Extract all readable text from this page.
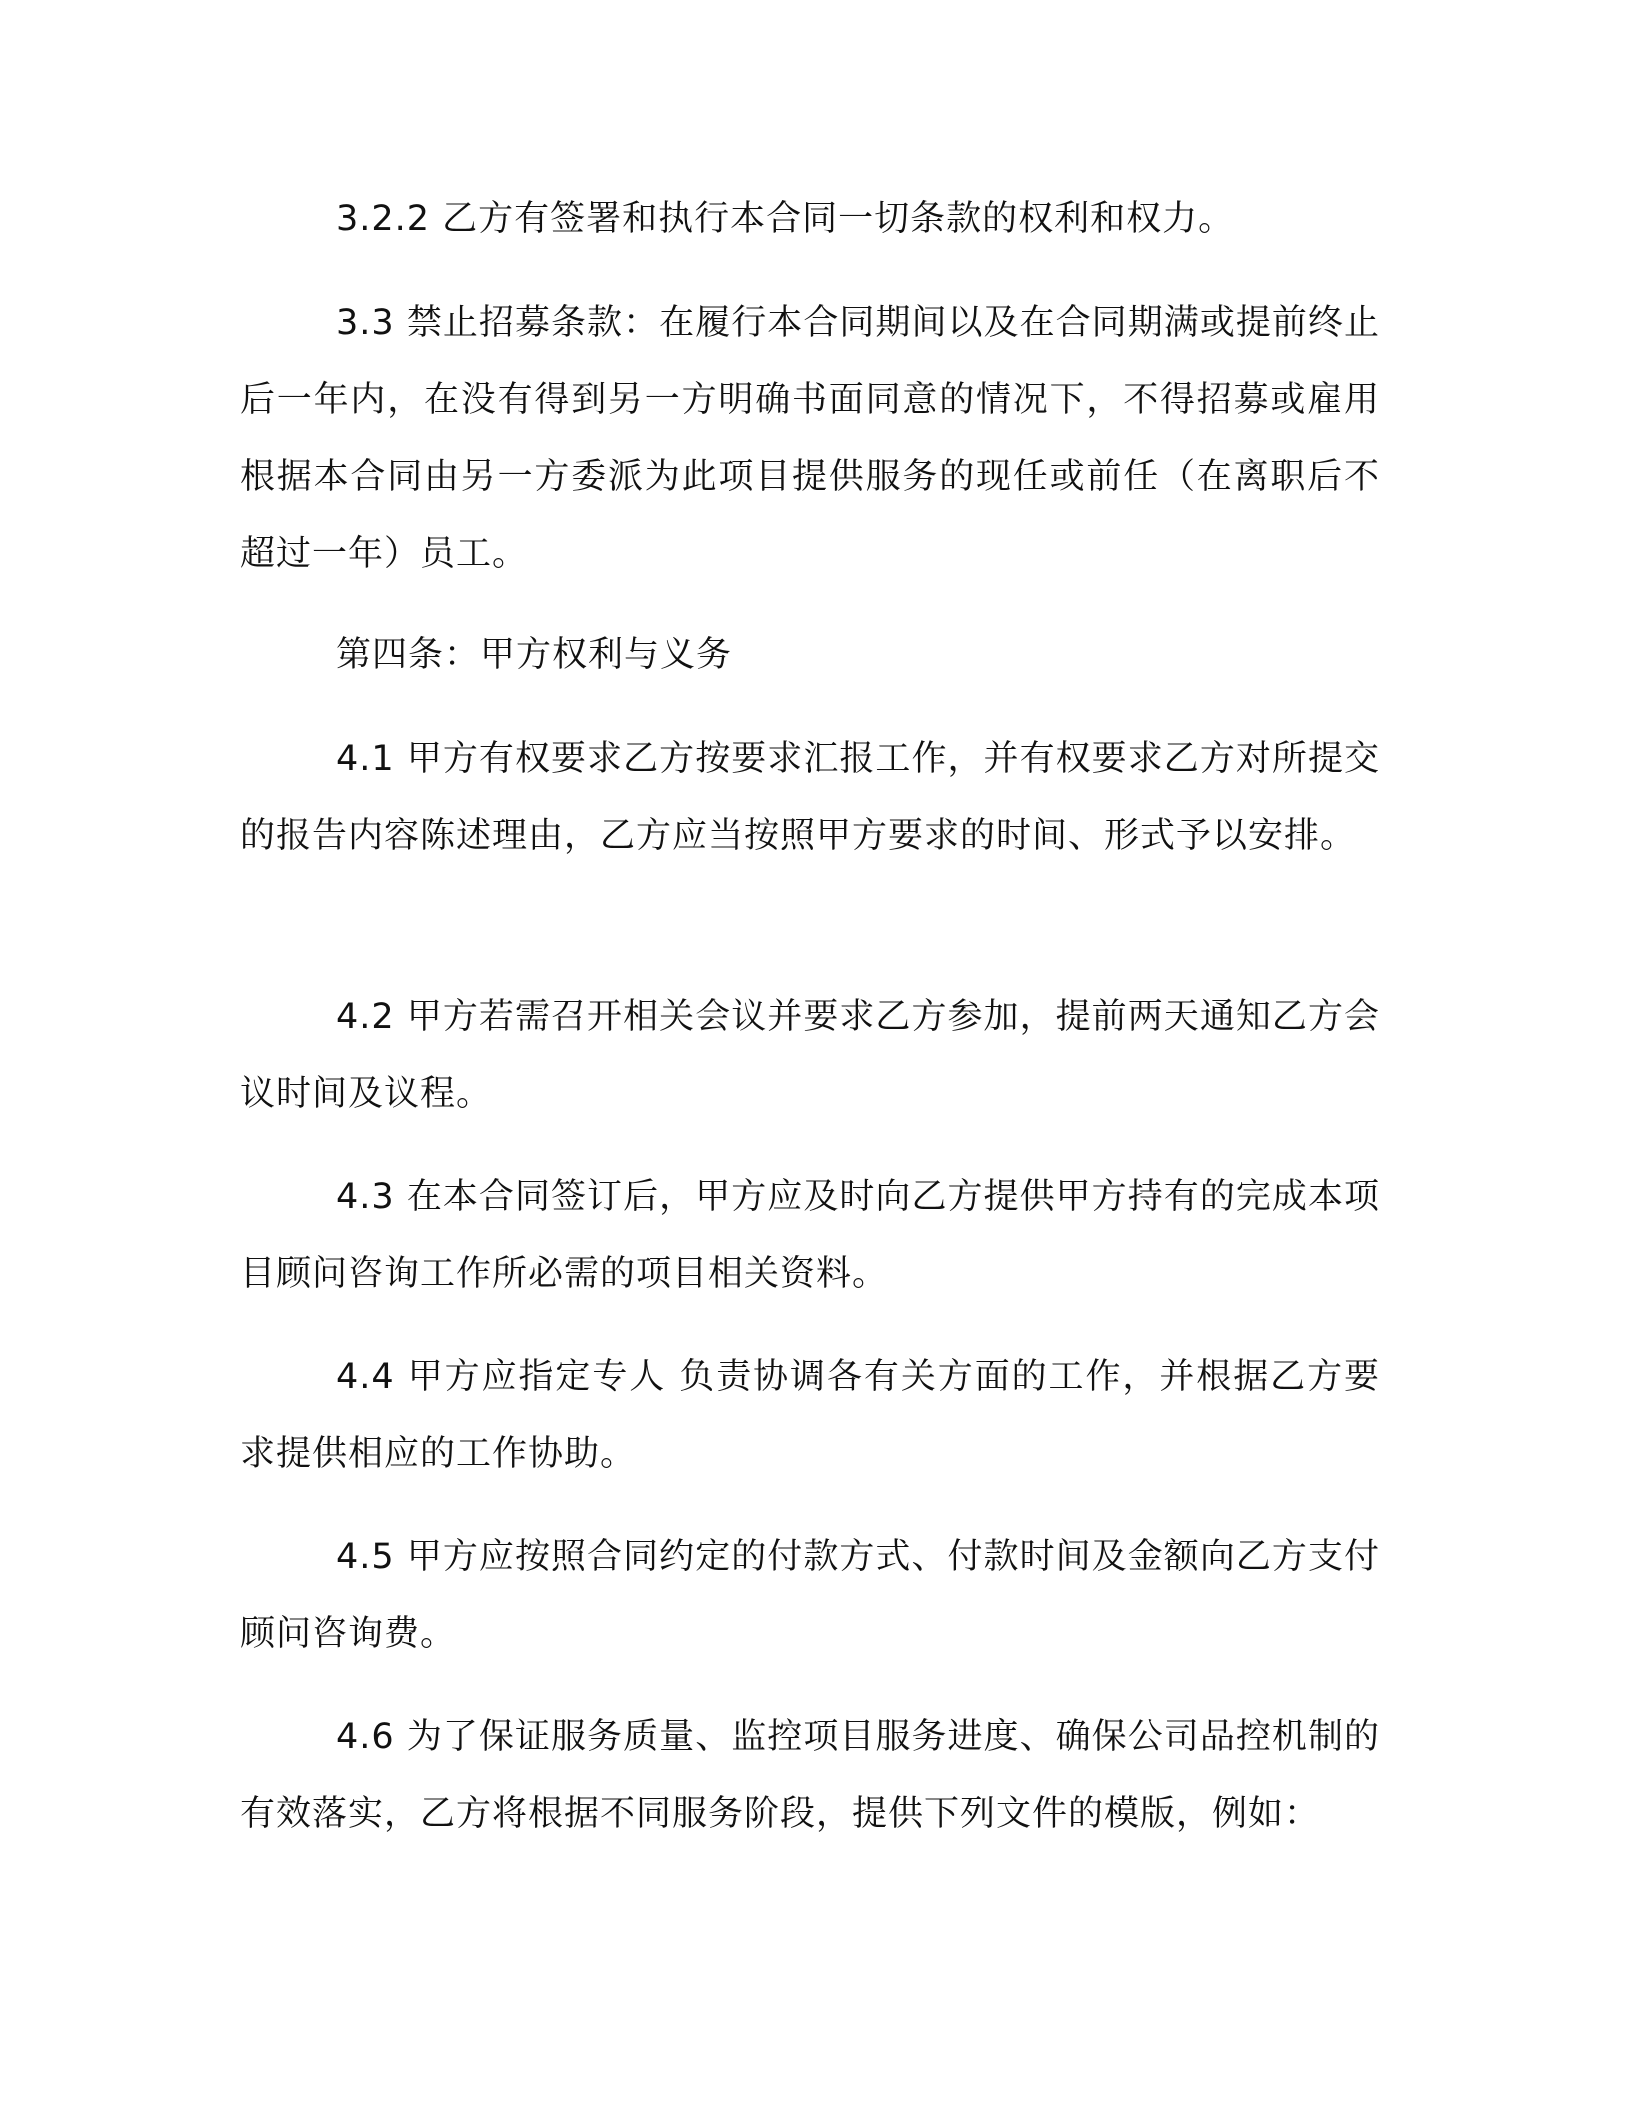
3.2.2 乙方有签署和执行本合同一切条款的权利和权力。

3.3 禁止招募条款：在履行本合同期间以及在合同期满或提前终止后一年内，在没有得到另一方明确书面同意的情况下，不得招募或雇用根据本合同由另一方委派为此项目提供服务的现任或前任（在离职后不超过一年）员工。

第四条：甲方权利与义务

4.1 甲方有权要求乙方按要求汇报工作，并有权要求乙方对所提交的报告内容陈述理由，乙方应当按照甲方要求的时间、形式予以安排。

4.2 甲方若需召开相关会议并要求乙方参加，提前两天通知乙方会议时间及议程。

4.3 在本合同签订后，甲方应及时向乙方提供甲方持有的完成本项目顾问咨询工作所必需的项目相关资料。

4.4 甲方应指定专人 负责协调各有关方面的工作，并根据乙方要求提供相应的工作协助。

4.5 甲方应按照合同约定的付款方式、付款时间及金额向乙方支付顾问咨询费。

4.6 为了保证服务质量、监控项目服务进度、确保公司品控机制的有效落实，乙方将根据不同服务阶段，提供下列文件的模版，例如：
